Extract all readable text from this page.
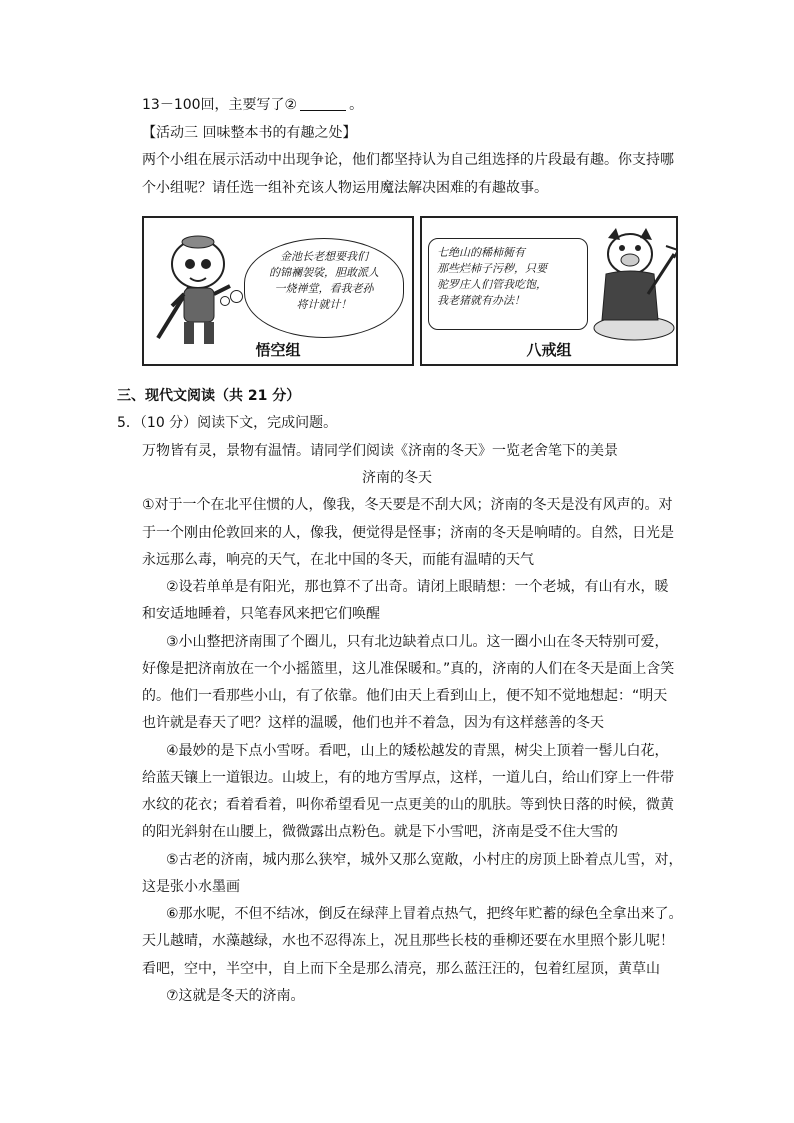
13－100回，主要写了②	。
【活动三 回味整本书的有趣之处】
两个小组在展示活动中出现争论，他们都坚持认为自己组选择的片段最有趣。你支持哪
个小组呢？请任选一组补充该人物运用魔法解决困难的有趣故事。
金池长老想要我们
的锦襕袈裟，胆敢派人
一烧禅堂，看我老孙
将计就计！
悟空组
七绝山的稀柿衕有
那些烂柿子污秽，只要
驼罗庄人们管我吃饱，
我老猪就有办法！
八戒组
三、现代文阅读（共 21 分）
5．（10 分）阅读下文，完成问题。
万物皆有灵，景物有温情。请同学们阅读《济南的冬天》一览老舍笔下的美景
济南的冬天
①对于一个在北平住惯的人，像我，冬天要是不刮大风；济南的冬天是没有风声的。对
于一个刚由伦敦回来的人，像我，便觉得是怪事；济南的冬天是响晴的。自然，日光是
永远那么毒，响亮的天气，在北中国的冬天，而能有温晴的天气
②设若单单是有阳光，那也算不了出奇。请闭上眼睛想：一个老城，有山有水，暖
和安适地睡着，只笔春风来把它们唤醒
③小山整把济南围了个圈儿，只有北边缺着点口儿。这一圈小山在冬天特别可爱，
好像是把济南放在一个小摇篮里，这儿准保暖和。”真的，济南的人们在冬天是面上含笑
的。他们一看那些小山，有了依靠。他们由天上看到山上，便不知不觉地想起：“明天
也许就是春天了吧？这样的温暖，他们也并不着急，因为有这样慈善的冬天
④最妙的是下点小雪呀。看吧，山上的矮松越发的青黑，树尖上顶着一髻儿白花，
给蓝天镶上一道银边。山坡上，有的地方雪厚点，这样，一道儿白，给山们穿上一件带
水纹的花衣；看着看着，叫你希望看见一点更美的山的肌肤。等到快日落的时候，微黄
的阳光斜射在山腰上，微微露出点粉色。就是下小雪吧，济南是受不住大雪的
⑤古老的济南，城内那么狭窄，城外又那么宽敞，小村庄的房顶上卧着点儿雪，对，
这是张小水墨画
⑥那水呢，不但不结冰，倒反在绿萍上冒着点热气，把终年贮蓄的绿色全拿出来了。
天儿越晴，水藻越绿，水也不忍得冻上，况且那些长枝的垂柳还要在水里照个影儿呢！
看吧，空中，半空中，自上而下全是那么清亮，那么蓝汪汪的，包着红屋顶，黄草山
⑦这就是冬天的济南。
